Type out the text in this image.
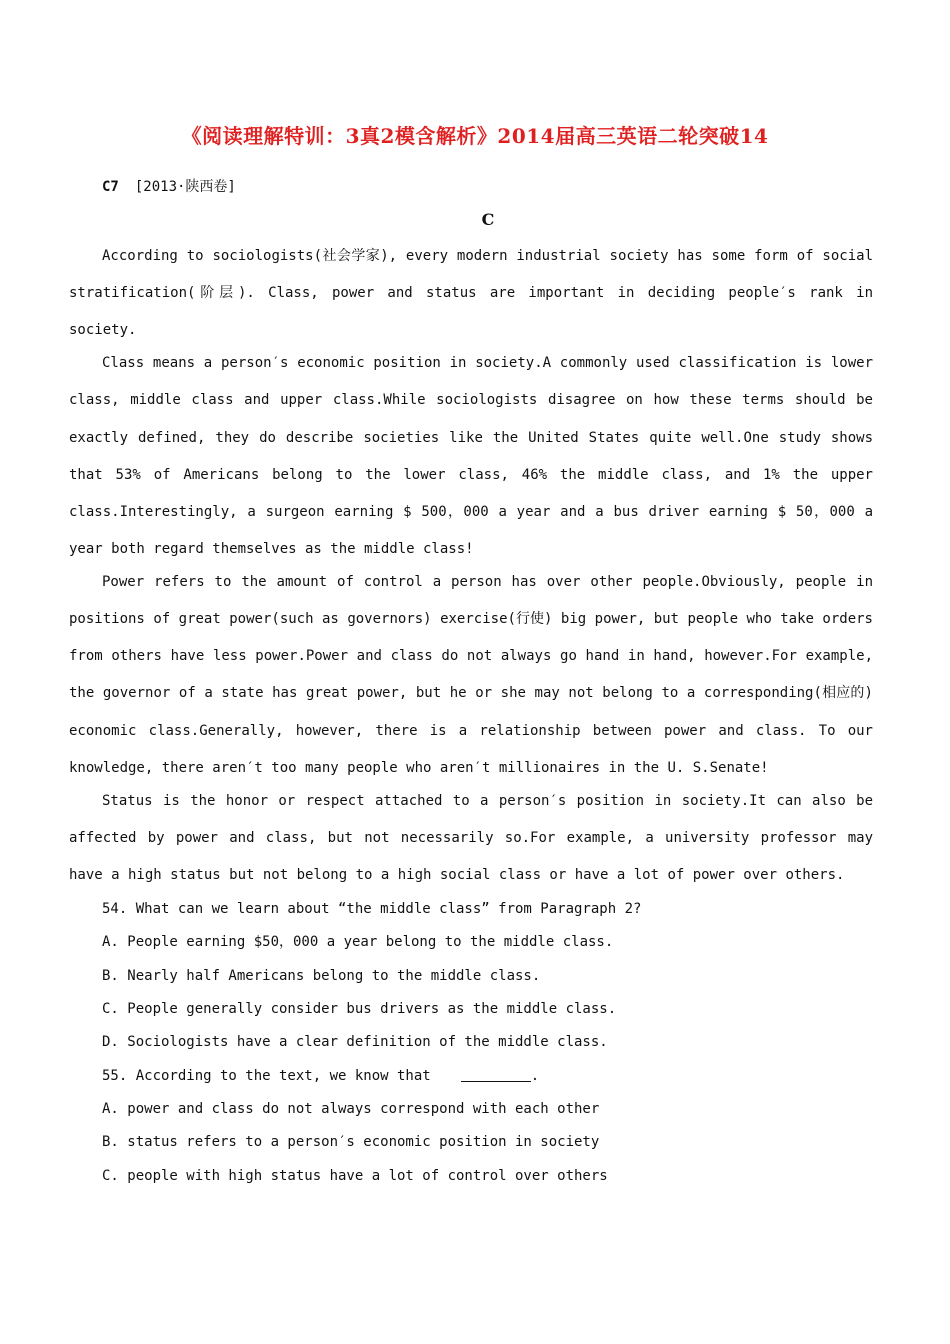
《阅读理解特训：3真2模含解析》2014届高三英语二轮突破14
C7 [2013·陕西卷]
C

According to sociologists(社会学家), every modern industrial society has some form of social stratification(阶层). Class, power and status are important in deciding people′s rank in society.

Class means a person′s economic position in society.A commonly used classification is lower class, middle class and upper class.While sociologists disagree on how these terms should be exactly defined, they do describe societies like the United States quite well.One study shows that 53% of Americans belong to the lower class, 46% the middle class, and 1% the upper class.Interestingly, a surgeon earning $ 500，000 a year and a bus driver earning $ 50，000 a year both regard themselves as the middle class!

Power refers to the amount of control a person has over other people.Obviously, people in positions of great power(such as governors) exercise(行使) big power, but people who take orders from others have less power.Power and class do not always go hand in hand, however.For example, the governor of a state has great power, but he or she may not belong to a corresponding(相应的) economic class.Generally, however, there is a relationship between power and class. To our knowledge, there aren′t too many people who aren′t millionaires in the U. S.Senate!

Status is the honor or respect attached to a person′s position in society.It can also be affected by power and class, but not necessarily so.For example, a university professor may have a high status but not belong to a high social class or have a lot of power over others.

54. What can we learn about “the middle class” from Paragraph 2?
A. People earning $50，000 a year belong to the middle class.
B. Nearly half Americans belong to the middle class.
C. People generally consider bus drivers as the middle class.
D. Sociologists have a clear definition of the middle class.
55. According to the text, we know that	.
A. power and class do not always correspond with each other
B. status refers to a person′s economic position in society
C. people with high status have a lot of control over others
